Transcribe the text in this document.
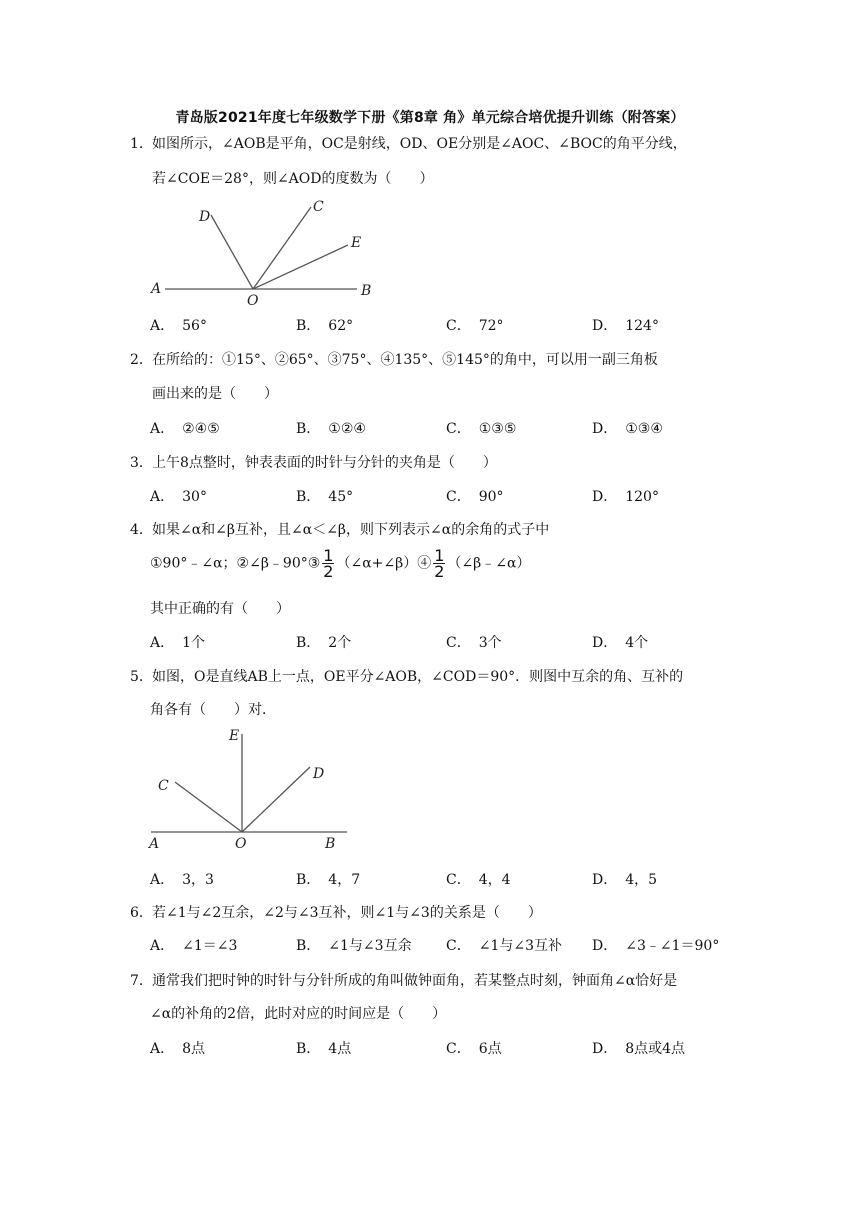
青岛版2021年度七年级数学下册《第8章 角》单元综合培优提升训练（附答案）
1． 如图所示，∠AOB是平角，OC是射线，OD、OE分别是∠AOC、∠BOC的角平分线，
若∠COE＝28°，则∠AOD的度数为（　　）
D
C
E
A
O
B
A． 56°	B． 62°	C． 72°	D． 124°
2． 在所给的：①15°、②65°、③75°、④135°、⑤145°的角中，可以用一副三角板
画出来的是（　　）
A． ②④⑤	B． ①②④	C． ①③⑤	D． ①③④
3． 上午8点整时，钟表表面的时针与分针的夹角是（　　）
A． 30°	B． 45°	C． 90°	D． 120°
4． 如果∠α和∠β互补，且∠α＜∠β，则下列表示∠α的余角的式子中
①90°﹣∠α；②∠β﹣90°③ $\frac{1}{2}$ （∠α+∠β）④ $\frac{1}{2}$ （∠β﹣∠α）
其中正确的有（　　）
A． 1个	B． 2个	C． 3个	D． 4个
5． 如图，O是直线AB上一点，OE平分∠AOB，∠COD＝90°．则图中互余的角、互补的
角各有（　　）对．
E
C
D
A	O	B
A． 3，3	B． 4，7	C． 4，4	D． 4，5
6． 若∠1与∠2互余，∠2与∠3互补，则∠1与∠3的关系是（　　）
A． ∠1＝∠3	B． ∠1与∠3互余 C． ∠1与∠3互补 D． ∠3﹣∠1＝90°
7． 通常我们把时钟的时针与分针所成的角叫做钟面角，若某整点时刻，钟面角∠α恰好是
∠α的补角的2倍，此时对应的时间应是（　　）
A． 8点	B． 4点	C． 6点	D． 8点或4点
